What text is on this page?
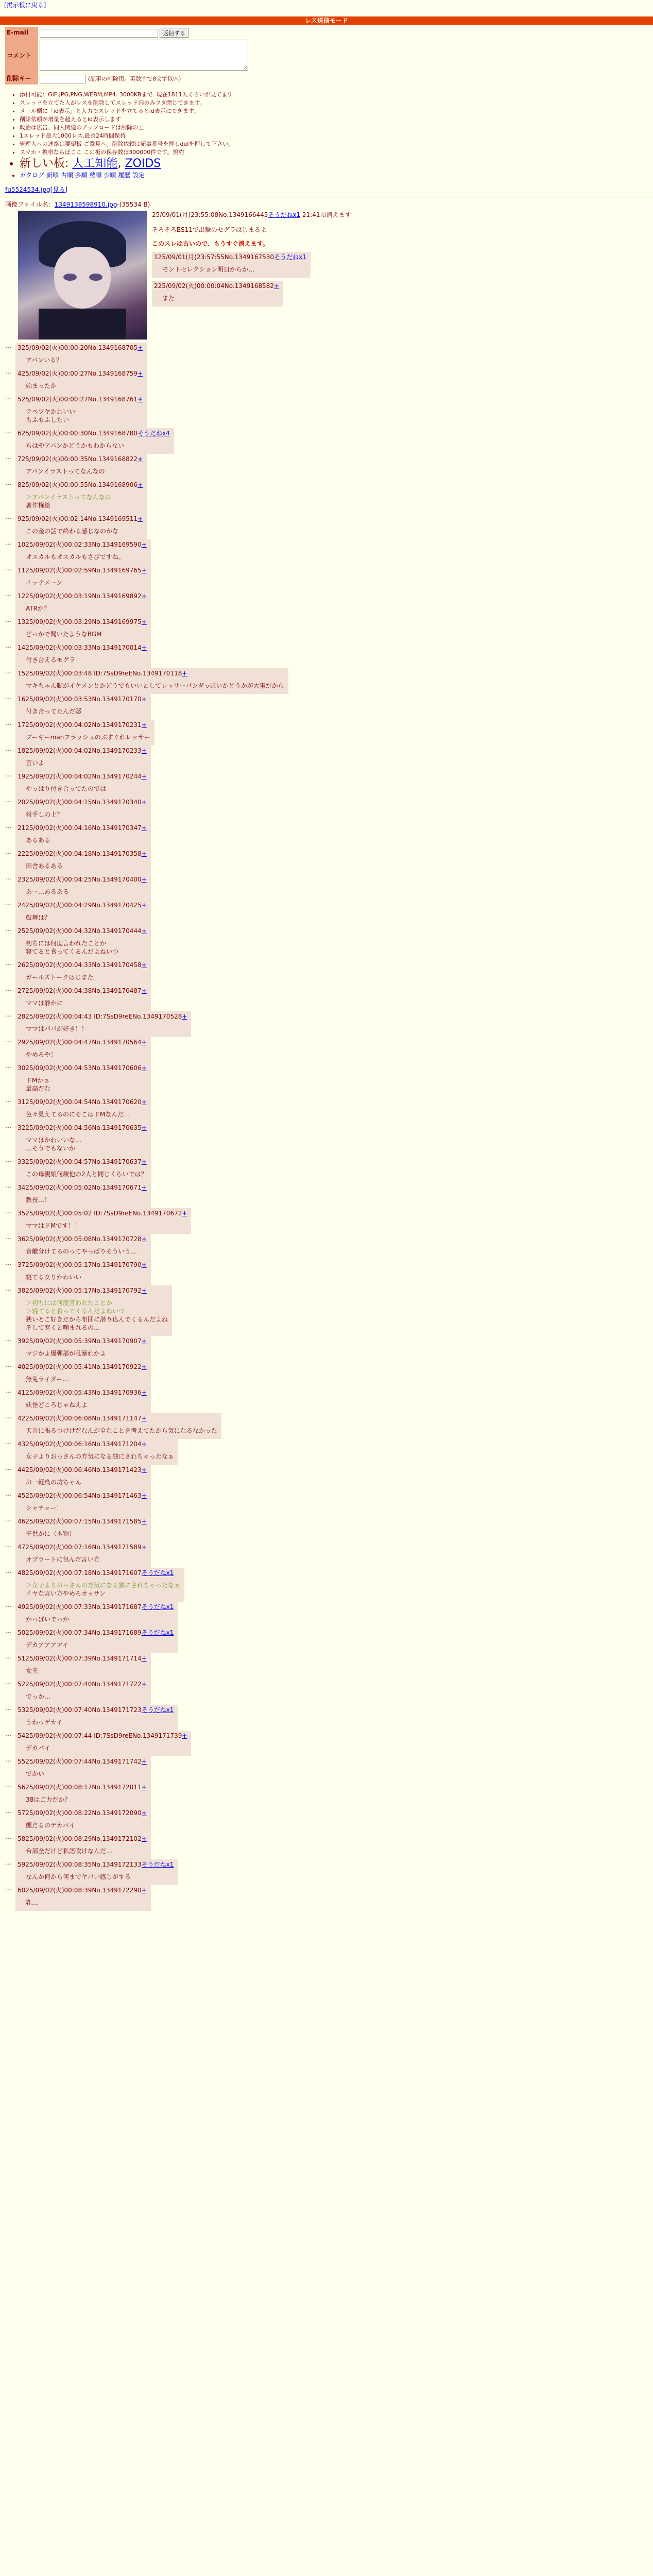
[掲示板に戻る]
レス送信モード
E-mail	返信する
コメント	
削除キー	(記事の削除用。英数字で8文字以内)
• 添付可能：GIF,JPG,PNG,WEBM,MP4. 3000KBまで. 現在1811人くらいが見てます.
• スレッドを立てた人がレスを削除してスレッド内のみフタ閉じできます。
• メール欄に「id表示」と入力でスレッドを立てるとid表示にできます。
• 削除依頼が増量を超えるとid表示します
• 政治は広告、同人関連のアップロードは削除の上
• 1スレッド最大1000レス,最長24時間保持
• 管理人への連絡は要望板 ご意見へ。削除依頼は記事番号を押しdelを押して下さい。
• スマホ・携帯ならばここ この板の保存数は300000件です。規約
• 新しい板: 人工知能, ZOIDS
• カタログ 新順 古順 多順 勢順 少順 履歴 設定
fu5524534.jpg[見る]
画像ファイル名：1349138598910.jpg-(35534 B)
25/09/01(月)23:55:08No.1349166445そうだねx1 21:41頃消えます
そろそろBS11で出撃のセグラはじまるよ
このスレは古いので、もうすぐ消えます。
125/09/01(月)23:57:55No.1349167530そうだねx1
モントセレクション明日からか…

225/09/02(火)00:00:04No.1349168582+
また
…	325/09/02(火)00:00:20No.1349168705+
アバンいる？
…	425/09/02(火)00:00:27No.1349168759+
始まったか
…	525/09/02(火)00:00:27No.1349168761+
テペツヤかわいい
もふもふしたい
…	625/09/02(火)00:00:30No.1349168780そうだねx4
ちはやアバンかどうかもわからない
…	725/09/02(火)00:00:35No.1349168822+
アバンイラストってなんなの
…	825/09/02(火)00:00:55No.1349168906+
＞アバンイラストってなんなの
著作権絵
…	925/09/02(火)00:02:14No.1349169511+
この金の話で終わる感じなのかな
…	1025/09/02(火)00:02:33No.1349169590+
オスカルもオスカルもさびですね。
…	1125/09/02(火)00:02:59No.1349169765+
イッテメーン
…	1225/09/02(火)00:03:19No.1349169892+
ATRか？
…	1325/09/02(火)00:03:29No.1349169975+
どっかで聞いたようなBGM
…	1425/09/02(火)00:03:33No.1349170014+
付き合えるモグラ
…	1525/09/02(火)00:03:48 ID:7SsD9reENo.1349170118+
マキちゃん脚がイケメンとかどうでもいいとしてレッサーパンダっぽいかどうかが大事だから
…	1625/09/02(火)00:03:53No.1349170170+
付き合ってたんだ🐱
…	1725/09/02(火)00:04:02No.1349170231+
ブーギーmanフラッシュのぶすぐれレッサー
…	1825/09/02(火)00:04:02No.1349170233+
言いよ
…	1925/09/02(火)00:04:02No.1349170244+
やっぱり付き合ってたのでは
…	2025/09/02(火)00:04:15No.1349170340+
報手しの上？
…	2125/09/02(火)00:04:16No.1349170347+
あるある
…	2225/09/02(火)00:04:18No.1349170358+
田舎あるある
…	2325/09/02(火)00:04:25No.1349170400+
あー…あるある
…	2425/09/02(火)00:04:29No.1349170425+
鼓舞は？
…	2525/09/02(火)00:04:32No.1349170444+
初ちには何度言われたことか
寝てると食ってくるんだよねいつ
…	2625/09/02(火)00:04:33No.1349170458+
ガールズトークはじまた
…	2725/09/02(火)00:04:38No.1349170487+
ママは静かに
…	2825/09/02(火)00:04:43 ID:7SsD9reENo.1349170528+
ママはパパが好き！！
…	2925/09/02(火)00:04:47No.1349170564+
やめろや！
…	3025/09/02(火)00:04:53No.1349170606+
ドMかぁ
最高だな
…	3125/09/02(火)00:04:54No.1349170620+
色々見えてるのにそこはドMなんだ…
…	3225/09/02(火)00:04:56No.1349170635+
ママはかわいいな…
…そうでもないか
…	3325/09/02(火)00:04:57No.1349170637+
この母親娘何歳他の2人と同じくらいでは？
…	3425/09/02(火)00:05:02No.1349170671+
教授…！
…	3525/09/02(火)00:05:02 ID:7SsD9reENo.1349170672+
ママはドMです！！
…	3625/09/02(火)00:05:08No.1349170728+
音離分けてるのってやっぱりそういう…
…	3725/09/02(火)00:05:17No.1349170790+
寝てる女りかわいい
…	3825/09/02(火)00:05:17No.1349170792+
＞初ちには何度言われたことか
＞寝てると食ってくるんだよねいつ
狭いとこ好きだから布団に潜り込んでくるんだよね
そして寒くと噛まれるの…
…	3925/09/02(火)00:05:39No.1349170907+
マジかよ爆弾部が乱暴れかよ
…	4025/09/02(火)00:05:41No.1349170922+
無免ライダー…
…	4125/09/02(火)00:05:43No.1349170936+
妖怪どころじゃねえよ
…	4225/09/02(火)00:06:08No.1349171147+
天井に張るつけけだなんが全なことを考えてたから気になるなかった
…	4325/09/02(火)00:06:16No.1349171204+
女子よりおっさんの方気になる独にされちゃったなぁ
…	4425/09/02(火)00:06:46No.1349171423+
お一軽鳥の坊ちゃん
…	4525/09/02(火)00:06:54No.1349171463+
シャチョー！
…	4625/09/02(火)00:07:15No.1349171585+
子供かに（本物）
…	4725/09/02(火)00:07:16No.1349171589+
オブラートに包んだ言い方
…	4825/09/02(火)00:07:18No.1349171607そうだねx1
＞女子よりおっさんの方気になる独にされちゃったなぁ
イヤな言い方やめろオッサン
…	4925/09/02(火)00:07:33No.1349171687そうだねx1
かっぱいでっか
…	5025/09/02(火)00:07:34No.1349171689そうだねx1
デカアアアアイ
…	5125/09/02(火)00:07:39No.1349171714+
女王
…	5225/09/02(火)00:07:40No.1349171722+
でっか…
…	5325/09/02(火)00:07:40No.1349171723そうだねx1
うわっデカイ
…	5425/09/02(火)00:07:44 ID:7SsD9reENo.1349171739+
デカパイ
…	5525/09/02(火)00:07:44No.1349171742+
でかい
…	5625/09/02(火)00:08:17No.1349172011+
38はご力だか？
…	5725/09/02(火)00:08:22No.1349172090+
鰹だるのデカパイ
…	5825/09/02(火)00:08:29No.1349172102+
台部全だけど私語吹けなんだ…
…	5925/09/02(火)00:08:35No.1349172133そうだねx1
なんか何から何までヤバい感じがする
…	6025/09/02(火)00:08:39No.1349172290+
乳…
